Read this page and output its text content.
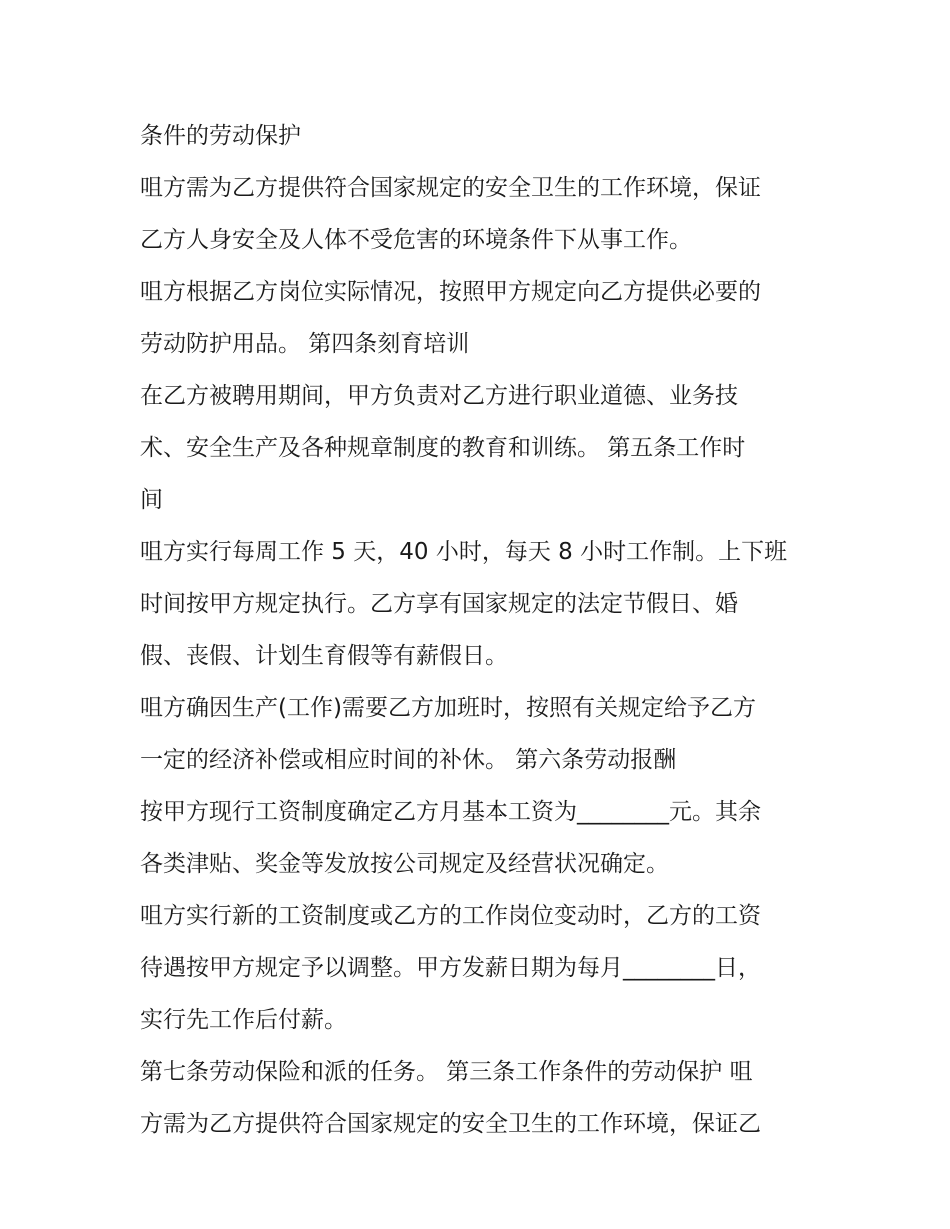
条件的劳动保护
咀方需为乙方提供符合国家规定的安全卫生的工作环境，保证
乙方人身安全及人体不受危害的环境条件下从事工作。
咀方根据乙方岗位实际情况，按照甲方规定向乙方提供必要的
劳动防护用品。 第四条刻育培训
在乙方被聘用期间，甲方负责对乙方进行职业道德、业务技
术、安全生产及各种规章制度的教育和训练。 第五条工作时
间
咀方实行每周工作 5 天，40 小时，每天 8 小时工作制。上下班
时间按甲方规定执行。乙方享有国家规定的法定节假日、婚
假、丧假、计划生育假等有薪假日。
咀方确因生产(工作)需要乙方加班时，按照有关规定给予乙方
一定的经济补偿或相应时间的补休。 第六条劳动报酬
按甲方现行工资制度确定乙方月基本工资为________元。其余
各类津贴、奖金等发放按公司规定及经营状况确定。
咀方实行新的工资制度或乙方的工作岗位变动时，乙方的工资
待遇按甲方规定予以调整。甲方发薪日期为每月________日，
实行先工作后付薪。
第七条劳动保险和派的任务。 第三条工作条件的劳动保护 咀
方需为乙方提供符合国家规定的安全卫生的工作环境，保证乙
